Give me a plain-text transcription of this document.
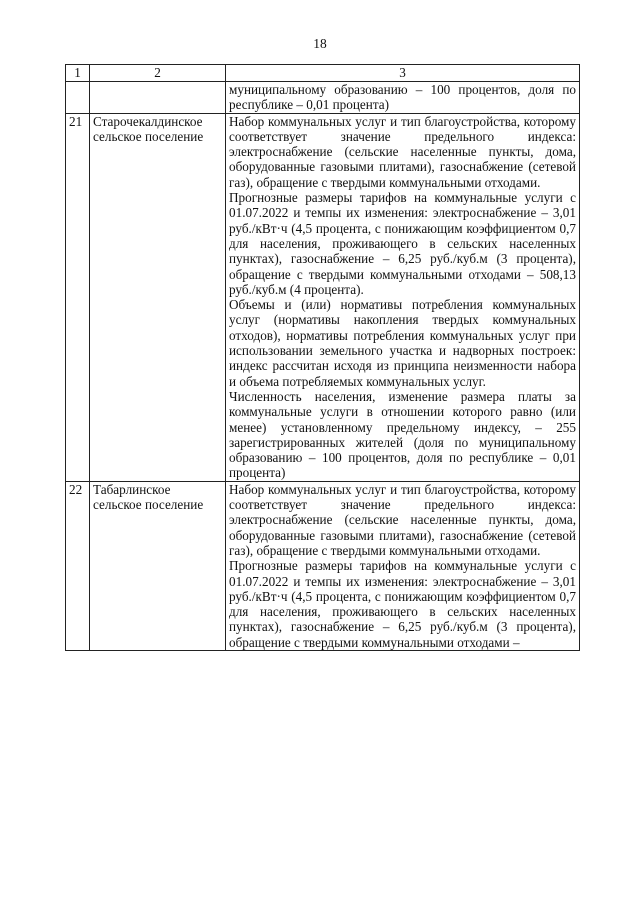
18
1	2	3

		муниципальному образованию – 100 процентов, доля по республике – 0,01 процента)

21	Старочекалдинское сельское поселение	Набор коммунальных услуг и тип благоустройства, которому соответствует значение предельного индекса: электроснабжение (сельские населенные пункты, дома, оборудованные газовыми плитами), газоснабжение (сетевой газ), обращение с твердыми коммунальными отходами.

Прогнозные размеры тарифов на коммунальные услуги с 01.07.2022 и темпы их изменения: электроснабжение – 3,01 руб./кВт·ч (4,5 процента, с понижающим коэффициентом 0,7 для населения, проживающего в сельских населенных пунктах), газоснабжение – 6,25 руб./куб.м (3 процента), обращение с твердыми коммунальными отходами – 508,13 руб./куб.м (4 процента).

Объемы и (или) нормативы потребления коммунальных услуг (нормативы накопления твердых коммунальных отходов), нормативы потребления коммунальных услуг при использовании земельного участка и надворных построек: индекс рассчитан исходя из принципа неизменности набора и объема потребляемых коммунальных услуг.

Численность населения, изменение размера платы за коммунальные услуги в отношении которого равно (или менее) установленному предельному индексу, – 255 зарегистрированных жителей (доля по муниципальному образованию – 100 процентов, доля по республике – 0,01 процента)

22	Табарлинское сельское поселение	Набор коммунальных услуг и тип благоустройства, которому соответствует значение предельного индекса: электроснабжение (сельские населенные пункты, дома, оборудованные газовыми плитами), газоснабжение (сетевой газ), обращение с твердыми коммунальными отходами.

Прогнозные размеры тарифов на коммунальные услуги с 01.07.2022 и темпы их изменения: электроснабжение – 3,01 руб./кВт·ч (4,5 процента, с понижающим коэффициентом 0,7 для населения, проживающего в сельских населенных пунктах), газоснабжение – 6,25 руб./куб.м (3 процента), обращение с твердыми коммунальными отходами –
